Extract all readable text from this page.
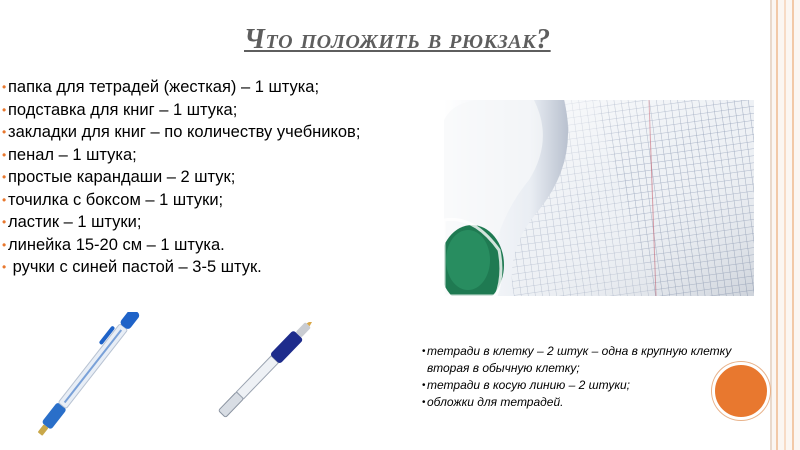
Что положить в рюкзак?
• папка для тетрадей (жесткая) – 1 штука;
• подставка для книг – 1 штука;
• закладки для книг – по количеству учебников;
• пенал – 1 штука;
• простые карандаши – 2 штук;
• точилка с боксом – 1 штуки;
• ластик – 1 штуки;
• линейка 15-20 см – 1 штука.
• ручки с синей пастой – 3-5 штук.
•тетради в клетку – 2 штук – одна в крупную клетку
вторая в обычную клетку;
•тетради в косую линию – 2 штуки;
•обложки для тетрадей.
